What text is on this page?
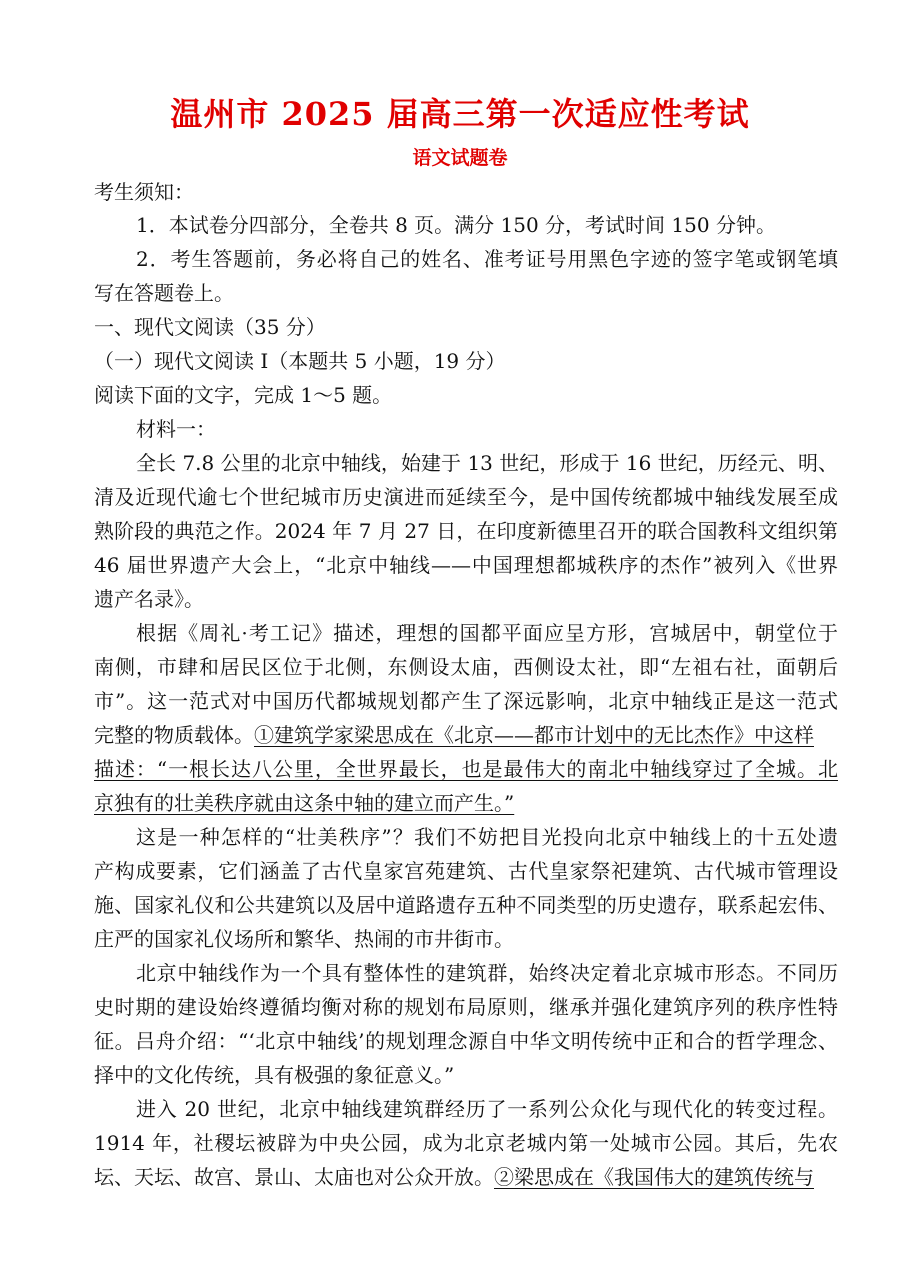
温州市 2025 届高三第一次适应性考试
语文试题卷
考生须知：
1．本试卷分四部分，全卷共 8 页。满分 150 分，考试时间 150 分钟。
2．考生答题前，务必将自己的姓名、准考证号用黑色字迹的签字笔或钢笔填
写在答题卷上。
一、现代文阅读（35 分）
（一）现代文阅读 Ⅰ（本题共 5 小题，19 分）
阅读下面的文字，完成 1～5 题。
材料一：
全长 7.8 公里的北京中轴线，始建于 13 世纪，形成于 16 世纪，历经元、明、
清及近现代逾七个世纪城市历史演进而延续至今，是中国传统都城中轴线发展至成
熟阶段的典范之作。2024 年 7 月 27 日，在印度新德里召开的联合国教科文组织第
46 届世界遗产大会上，“北京中轴线——中国理想都城秩序的杰作”被列入《世界
遗产名录》。
根据《周礼·考工记》描述，理想的国都平面应呈方形，宫城居中，朝堂位于
南侧，市肆和居民区位于北侧，东侧设太庙，西侧设太社，即“左祖右社，面朝后
市”。这一范式对中国历代都城规划都产生了深远影响，北京中轴线正是这一范式
完整的物质载体。①建筑学家梁思成在《北京——都市计划中的无比杰作》中这样
描述：“一根长达八公里，全世界最长，也是最伟大的南北中轴线穿过了全城。北
京独有的壮美秩序就由这条中轴的建立而产生。”
这是一种怎样的“壮美秩序”？我们不妨把目光投向北京中轴线上的十五处遗
产构成要素，它们涵盖了古代皇家宫苑建筑、古代皇家祭祀建筑、古代城市管理设
施、国家礼仪和公共建筑以及居中道路遗存五种不同类型的历史遗存，联系起宏伟、
庄严的国家礼仪场所和繁华、热闹的市井街市。
北京中轴线作为一个具有整体性的建筑群，始终决定着北京城市形态。不同历
史时期的建设始终遵循均衡对称的规划布局原则，继承并强化建筑序列的秩序性特
征。吕舟介绍：“‘北京中轴线’的规划理念源自中华文明传统中正和合的哲学理念、
择中的文化传统，具有极强的象征意义。”
进入 20 世纪，北京中轴线建筑群经历了一系列公众化与现代化的转变过程。
1914 年，社稷坛被辟为中央公园，成为北京老城内第一处城市公园。其后，先农
坛、天坛、故宫、景山、太庙也对公众开放。②梁思成在《我国伟大的建筑传统与
